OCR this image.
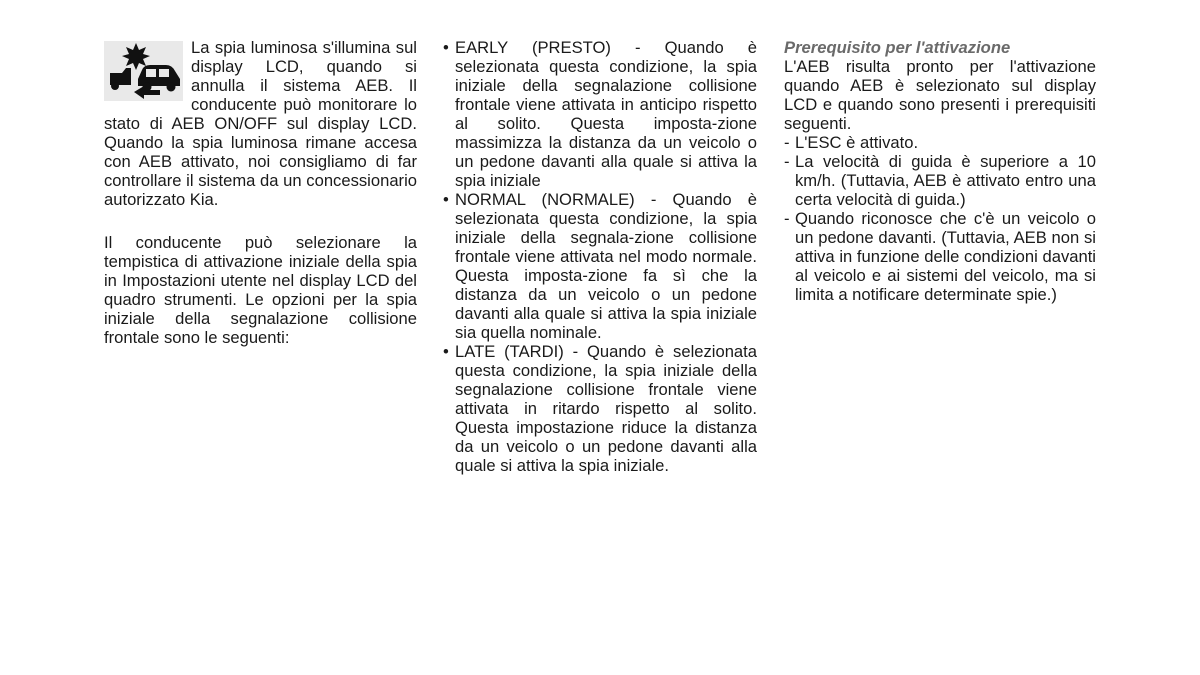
La spia luminosa s'illumina sul display LCD, quando si annulla il sistema AEB. Il conducente può monitorare lo stato di AEB ON/OFF sul display LCD. Quando la spia luminosa rimane accesa con AEB attivato, noi consigliamo di far controllare il sistema da un concessionario autorizzato Kia.

Il conducente può selezionare la tempistica di attivazione iniziale della spia in Impostazioni utente nel display LCD del quadro strumenti. Le opzioni per la spia iniziale della segnalazione collisione frontale sono le seguenti:

• EARLY (PRESTO) - Quando è selezionata questa condizione, la spia iniziale della segnalazione collisione frontale viene attivata in anticipo rispetto al solito. Questa imposta-zione massimizza la distanza da un veicolo o un pedone davanti alla quale si attiva la spia iniziale
• NORMAL (NORMALE) - Quando è selezionata questa condizione, la spia iniziale della segnala-zione collisione frontale viene attivata nel modo normale. Questa imposta-zione fa sì che la distanza da un veicolo o un pedone davanti alla quale si attiva la spia iniziale sia quella nominale.
• LATE (TARDI) - Quando è selezionata questa condizione, la spia iniziale della segnalazione collisione frontale viene attivata in ritardo rispetto al solito. Questa impostazione riduce la distanza da un veicolo o un pedone davanti alla quale si attiva la spia iniziale.

Prerequisito per l'attivazione

L'AEB risulta pronto per l'attivazione quando AEB è selezionato sul display LCD e quando sono presenti i prerequisiti seguenti.

- L'ESC è attivato.
- La velocità di guida è superiore a 10 km/h. (Tuttavia, AEB è attivato entro una certa velocità di guida.)
- Quando riconosce che c'è un veicolo o un pedone davanti. (Tuttavia, AEB non si attiva in funzione delle condizioni davanti al veicolo e ai sistemi del veicolo, ma si limita a notificare determinate spie.)
